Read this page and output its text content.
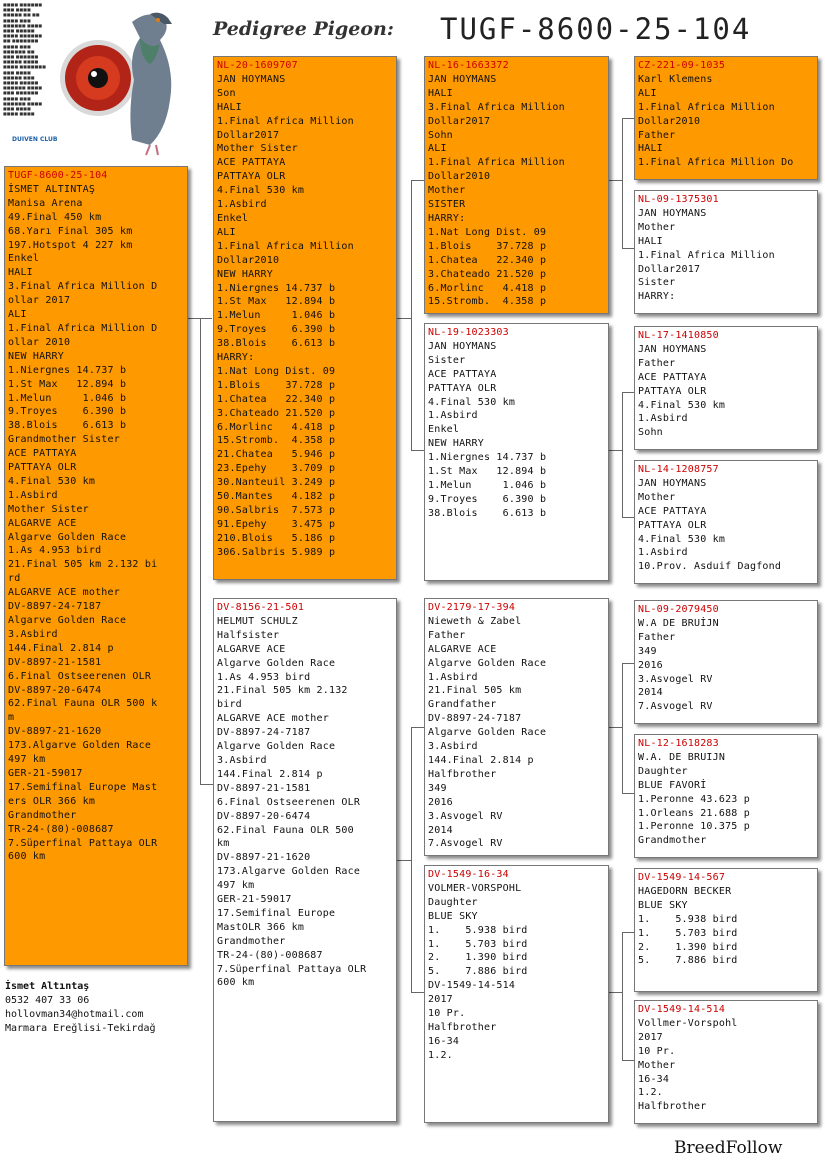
■■■■ ■■■■■■
■■■ ■■■■
■■■■■ ■■ ■■
■■■■ ■■■
■■■■■■ ■■■■
■■■ ■■■■■
■■■■ ■■■■■■
■■ ■■■■■■■
■■■■ ■■■
■■■■■■ ■■
■■■ ■■■■■■
■■■■■ ■■■■
■■■■ ■■■■■■■
■■■ ■■■■
■■■■■ ■■■
■■■■ ■■■■■
■■■■■■ ■■■■
■■■ ■■■■■■
■■■■ ■■■
■■■■■■ ■■■■
■■■ ■■■■
■■■■ ■■■■
DUIVEN CLUB
Pedigree Pigeon: TUGF-8600-25-104
TUGF-8600-25-104
İSMET ALTINTAŞ
Manisa Arena
49.Final 450 km
68.Yarı Final 305 km
197.Hotspot 4 227 km
Enkel
HALI
3.Final Africa Million D
ollar 2017
ALI
1.Final Africa Million D
ollar 2010
NEW HARRY
1.Niergnes 14.737 b
1.St Max   12.894 b
1.Melun     1.046 b
9.Troyes    6.390 b
38.Blois    6.613 b
Grandmother Sister
ACE PATTAYA
PATTAYA OLR
4.Final 530 km
1.Asbird
Mother Sister
ALGARVE ACE
Algarve Golden Race
1.As 4.953 bird
21.Final 505 km 2.132 bi
rd
ALGARVE ACE mother
DV-8897-24-7187
Algarve Golden Race
3.Asbird
144.Final 2.814 p
DV-8897-21-1581
6.Final Ostseerenen OLR
DV-8897-20-6474
62.Final Fauna OLR 500 k
m
DV-8897-21-1620
173.Algarve Golden Race
497 km
GER-21-59017
17.Semifinal Europe Mast
ers OLR 366 km
Grandmother
TR-24-(80)-008687
7.Süperfinal Pattaya OLR
600 km
NL-20-1609707
JAN HOYMANS
Son
HALI
1.Final Africa Million
Dollar2017
Mother Sister
ACE PATTAYA
PATTAYA OLR
4.Final 530 km
1.Asbird
Enkel
ALI
1.Final Africa Million
Dollar2010
NEW HARRY
1.Niergnes 14.737 b
1.St Max   12.894 b
1.Melun     1.046 b
9.Troyes    6.390 b
38.Blois    6.613 b
HARRY:
1.Nat Long Dist. 09
1.Blois    37.728 p
1.Chatea   22.340 p
3.Chateado 21.520 p
6.Morlinc   4.418 p
15.Stromb.  4.358 p
21.Chatea   5.946 p
23.Epehy    3.709 p
30.Nanteuil 3.249 p
50.Mantes   4.182 p
90.Salbris  7.573 p
91.Epehy    3.475 p
210.Blois   5.186 p
306.Salbris 5.989 p
DV-8156-21-501
HELMUT SCHULZ
Halfsister
ALGARVE ACE
Algarve Golden Race
1.As 4.953 bird
21.Final 505 km 2.132
bird
ALGARVE ACE mother
DV-8897-24-7187
Algarve Golden Race
3.Asbird
144.Final 2.814 p
DV-8897-21-1581
6.Final Ostseerenen OLR
DV-8897-20-6474
62.Final Fauna OLR 500
km
DV-8897-21-1620
173.Algarve Golden Race
497 km
GER-21-59017
17.Semifinal Europe
MastOLR 366 km
Grandmother
TR-24-(80)-008687
7.Süperfinal Pattaya OLR
600 km
NL-16-1663372
JAN HOYMANS
HALI
3.Final Africa Million
Dollar2017
Sohn
ALI
1.Final Africa Million
Dollar2010
Mother
SISTER
HARRY:
1.Nat Long Dist. 09
1.Blois    37.728 p
1.Chatea   22.340 p
3.Chateado 21.520 p
6.Morlinc   4.418 p
15.Stromb.  4.358 p
NL-19-1023303
JAN HOYMANS
Sister
ACE PATTAYA
PATTAYA OLR
4.Final 530 km
1.Asbird
Enkel
NEW HARRY
1.Niergnes 14.737 b
1.St Max   12.894 b
1.Melun     1.046 b
9.Troyes    6.390 b
38.Blois    6.613 b
DV-2179-17-394
Nieweth & Zabel
Father
ALGARVE ACE
Algarve Golden Race
1.Asbird
21.Final 505 km
Grandfather
DV-8897-24-7187
Algarve Golden Race
3.Asbird
144.Final 2.814 p
Halfbrother
349
2016
3.Asvogel RV
2014
7.Asvogel RV
DV-1549-16-34
VOLMER-VORSPOHL
Daughter
BLUE SKY
1.    5.938 bird
1.    5.703 bird
2.    1.390 bird
5.    7.886 bird
DV-1549-14-514
2017
10 Pr.
Halfbrother
16-34
1.2.
CZ-221-09-1035
Karl Klemens
ALI
1.Final Africa Million
Dollar2010
Father
HALI
1.Final Africa Million Do
NL-09-1375301
JAN HOYMANS
Mother
HALI
1.Final Africa Million
Dollar2017
Sister
HARRY:
NL-17-1410850
JAN HOYMANS
Father
ACE PATTAYA
PATTAYA OLR
4.Final 530 km
1.Asbird
Sohn
NL-14-1208757
JAN HOYMANS
Mother
ACE PATTAYA
PATTAYA OLR
4.Final 530 km
1.Asbird
10.Prov. Asduif Dagfond
NL-09-2079450
W.A DE BRUİJN
Father
349
2016
3.Asvogel RV
2014
7.Asvogel RV
NL-12-1618283
W.A. DE BRUIJN
Daughter
BLUE FAVORİ
1.Peronne 43.623 p
1.Orleans 21.688 p
1.Peronne 10.375 p
Grandmother
DV-1549-14-567
HAGEDORN BECKER
BLUE SKY
1.    5.938 bird
1.    5.703 bird
2.    1.390 bird
5.    7.886 bird
DV-1549-14-514
Vollmer-Vorspohl
2017
10 Pr.
Mother
16-34
1.2.
Halfbrother
İsmet Altıntaş
0532 407 33 06
hollovman34@hotmail.com
Marmara Ereğlisi-Tekirdağ
BreedFollow
